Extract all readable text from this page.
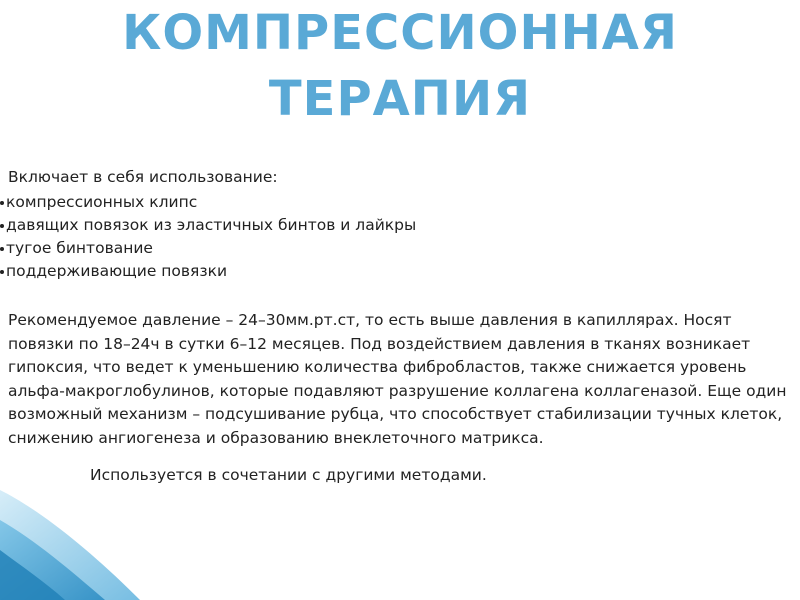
КОМПРЕССИОННАЯ
ТЕРАПИЯ

Включает в себя использование:

компрессионных клипс
давящих повязок из эластичных бинтов и лайкры
тугое бинтование
поддерживающие повязки

Рекомендуемое давление – 24–30мм.рт.ст, то есть выше давления в капиллярах. Носят повязки по 18–24ч в сутки 6–12 месяцев. Под воздействием давления в тканях возникает гипоксия, что ведет к уменьшению количества фибробластов, также снижается уровень альфа-макроглобулинов, которые подавляют разрушение коллагена коллагеназой. Еще один возможный механизм – подсушивание рубца, что способствует стабилизации тучных клеток, снижению ангиогенеза и образованию внеклеточного матрикса.

Используется в сочетании с другими методами.
